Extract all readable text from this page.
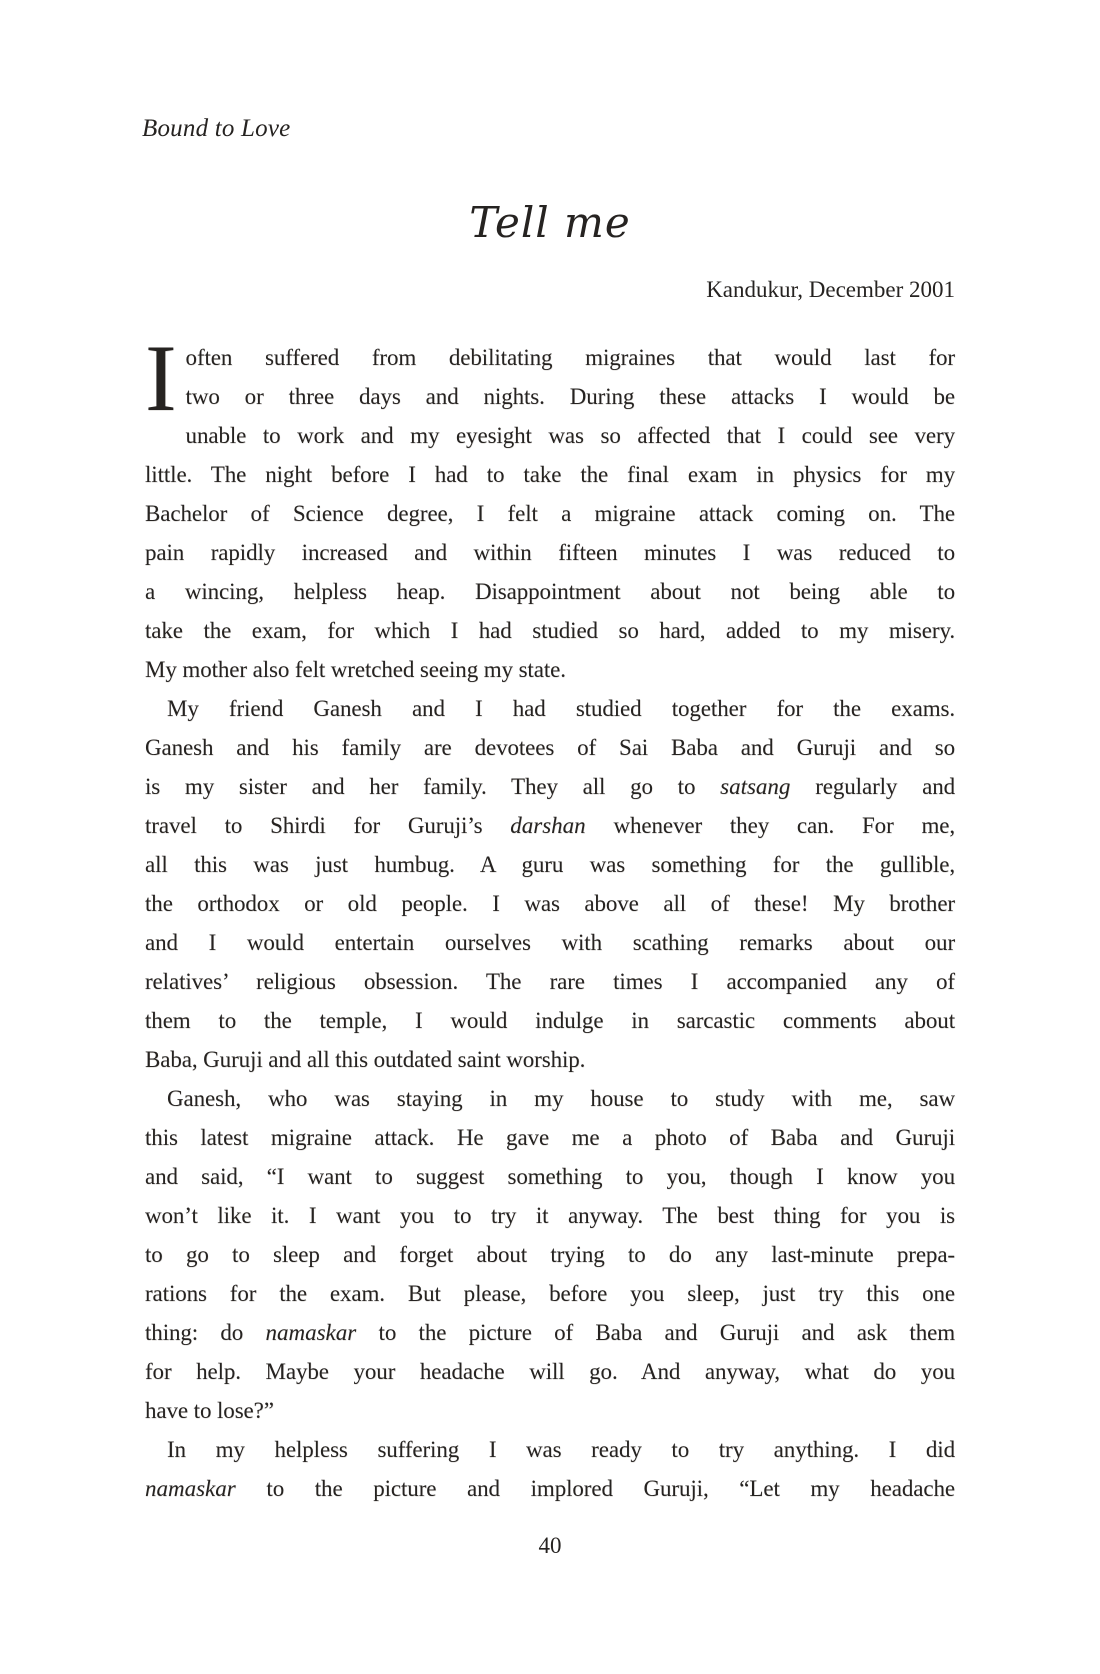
Bound to Love
Tell me
Kandukur, December 2001
I often suffered from debilitating migraines that would last for
two or three days and nights. During these attacks I would be
unable to work and my eyesight was so affected that I could see very
little. The night before I had to take the final exam in physics for my
Bachelor of Science degree, I felt a migraine attack coming on. The
pain rapidly increased and within fifteen minutes I was reduced to
a wincing, helpless heap. Disappointment about not being able to
take the exam, for which I had studied so hard, added to my misery.
My mother also felt wretched seeing my state.
My friend Ganesh and I had studied together for the exams.
Ganesh and his family are devotees of Sai Baba and Guruji and so
is my sister and her family. They all go to satsang regularly and
travel to Shirdi for Guruji’s darshan whenever they can. For me,
all this was just humbug. A guru was something for the gullible,
the orthodox or old people. I was above all of these! My brother
and I would entertain ourselves with scathing remarks about our
relatives’ religious obsession. The rare times I accompanied any of
them to the temple, I would indulge in sarcastic comments about
Baba, Guruji and all this outdated saint worship.
Ganesh, who was staying in my house to study with me, saw
this latest migraine attack. He gave me a photo of Baba and Guruji
and said, “I want to suggest something to you, though I know you
won’t like it. I want you to try it anyway. The best thing for you is
to go to sleep and forget about trying to do any last-minute prepa-
rations for the exam. But please, before you sleep, just try this one
thing: do namaskar to the picture of Baba and Guruji and ask them
for help. Maybe your headache will go. And anyway, what do you
have to lose?”
In my helpless suffering I was ready to try anything. I did
namaskar to the picture and implored Guruji, “Let my headache
40
